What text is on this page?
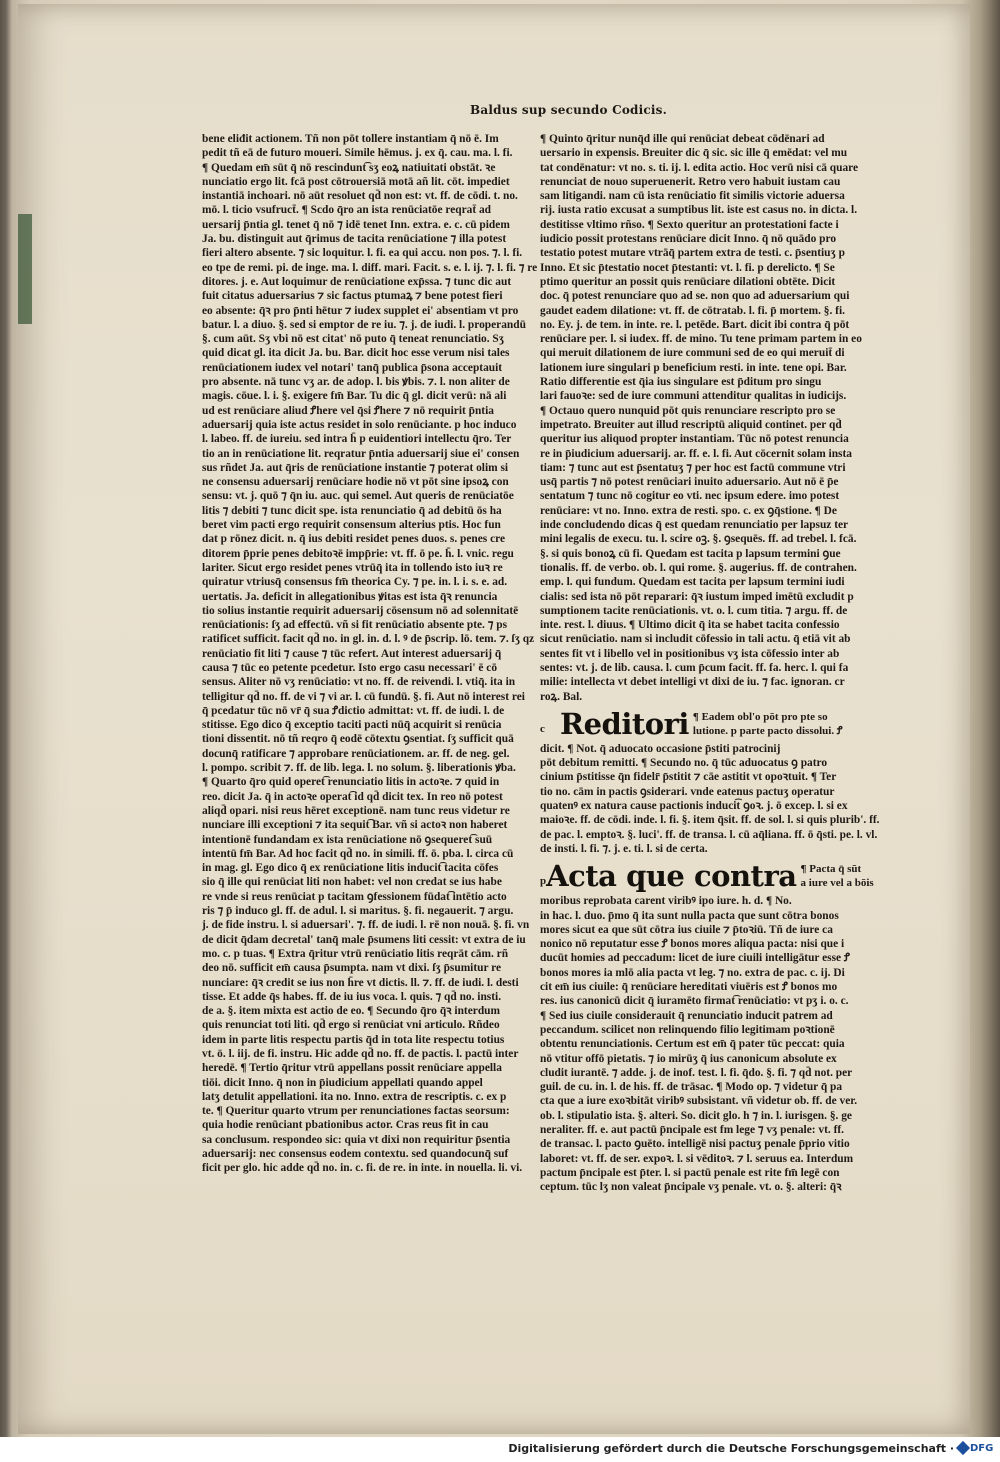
Baldus sup secundo Codicis.
bene eliđit actionem. Tñ non pōt tollere instantiam q̄ nō ē. Im
pedit tñ eā de futuro moueri. Simile hēmus. j. ex q̄. cau. ma. l. fi.
¶ Quedam em̄ sūt q̄ nō rescindunt͡ sʒ eoꝝ natiuitati obstāt. ꝛe
nunciatio ergo lit. fcā post cōtrouersiā motā añ lit. cōt. impediet
instantiā inchoari. nō aūt resoluet qd̄ non est: vt. ff. de cōdi. t. no.
mō. l. ticio vsufruct̄. ¶ Scdo q̄ro an ista renūciatōe reqrat̄ ad
uersarij p̄ntia gl. tenet q̄ nō ⁊ idē tenet Inn. extra. e. c. cū pidem
Ja. bu. distinguit aut q̄rimus de tacita renūciatione ⁊ illa potest
fieri altero absente. ⁊ sic loquitur. l. fi. ea qui accu. non pos. ⁊. l. fi.
eo tpe de remi. pi. de inge. ma. l. diff. mari. Facit. s. e. l. ij. ⁊. l. fi. ⁊ re
ditores. j. e. Aut loquimur de renūciatione exp̄ssa. ⁊ tunc dic aut
fuit citatus aduersarius ⁊ sic factus ptumaꝝ ⁊ bene potest fieri
eo absente: q̄ꝛ pro p̄nti hētur ⁊ iudex supplet ei' absentiam vt pro
batur. l. a diuo. §. sed si emptor de re iu. ⁊. j. de iudi. l. properandū
§. cum aūt. Sʒ vbi nō est citat' nō puto q̄ teneat renunciatio. Sʒ
quid dicat gl. ita dicit Ja. bu. Bar. dicit hoc esse verum nisi tales
renūciationem iudex vel notari' tanq̄ publica p̄sona acceptauit
pro absente. nā tunc vʒ ar. de adop. l. bis ꝟbis. ⁊. l. non aliter de
magis. cōue. l. i. §. exigere fm̄ Bar. Tu dic q̄ gl. dicit verū: nā ali
ud est renūciare aliud Ꝭhere vel q̄si Ꝭhere ⁊ nō requirit p̄ntia
aduersarij quia iste actus residet in solo renūciante. p hoc induco
l. labeo. ff. de iureiu. sed intra h̄ p euidentiori intellectu q̄ro. Ter
tio an in renūciatione lit. reqratur p̄ntia aduersarij siue ei' consen
sus rñdet Ja. aut q̄ris de renūciatione instantie ⁊ poterat olim si
ne consensu aduersarij renūciare hodie nō vt pōt sine ipsoꝝ con
sensu: vt. j. quō ⁊ q̄n iu. auc. qui semel. Aut queris de renūciatōe
litis ⁊ debiti ⁊ tunc dicit spe. ista renunciatio q̄ ad debitū ōs ha
beret vim pacti ergo requirit consensum alterius ptis. Hoc fun
dat p rōnez dicit. n. q̄ ius debiti residet penes duos. s. penes cre
ditorem p̄prie penes debitoꝛē impp̄rie: vt. ff. ō pe. h̄. l. vnic. regu
lariter. Sicut ergo residet penes vtrūq̄ ita in tollendo isto iuꝛ re
quiratur vtriusq̄ consensus fm̄ theorica Cy. ⁊ pe. in. l. i. s. e. ad.
uertatis. Ja. deficit in allegationibus ꝟitas est ista q̄ꝛ renuncia
tio solius instantie requirit aduersarij cōsensum nō ad solennitatē
renūciationis: ſʒ ad effectū. vñ si fit renūciatio absente pte. ⁊ ps
ratificet sufficit. facit qd̄ no. in gl. in. d. l. ꝰ de p̄scrip. lō. tem. ⁊. ſʒ qz
renūciatio fit liti ⁊ cause ⁊ tūc refert. Aut interest aduersarij q̄
causa ⁊ tūc eo petente pcedetur. Isto ergo casu necessari' ē cō
sensus. Aliter nō vʒ renūciatio: vt no. ff. de reivendi. l. vtiq̄. ita in
telligitur qd̄ no. ff. de vi ⁊ vi ar. l. cū fundū. §. fi. Aut nō interest rei
q̄ pcedatur tūc nō vr̄ q̄ sua Ꝭdictio admittat: vt. ff. de iudi. l. de
stitisse. Ego dico q̄ exceptio taciti pacti nūq̄ acquirit si renūcia
tioni dissentit. nō tñ reqro q̄ eodē cōtextu ꝯsentiat. ſʒ sufficit quā
docunq̄ ratificare ⁊ approbare renūciationem. ar. ff. de neg. gel.
l. pompo. scribit ⁊. ff. de lib. lega. l. no solum. §. liberationis ꝟba.
¶ Quarto q̄ro quid operet͡ renunciatio litis in actoꝛe. ⁊ quid in
reo. dicit Ja. q̄ in actoꝛe operat͡ id qd̄ dicit tex. In reo nō potest
aliqd̄ opari. nisi reus hēret exceptionē. nam tunc reus videtur re
nunciare illi exceptioni ⁊ ita sequit͡ Bar. vñ si actoꝛ non haberet
intentionē fundandam ex ista renūciatione nō ꝯsequeret͡ suū
intentū fm̄ Bar. Ad hoc facit qd̄ no. in simili. ff. ō. pba. l. circa cū
in mag. gl. Ego dico q̄ ex renūciatione litis inducit͡ tacita cōfes
sio q̄ ille qui renūciat liti non habet: vel non credat se ius habe
re vnde si reus renūciat p tacitam ꝯfessionem fūdat͡ intētio acto
ris ⁊ p̄ induco gl. ff. de adul. l. si maritus. §. fi. negauerit. ⁊ argu.
j. de fide instru. l. si aduersari'. ⁊. ff. de iudi. l. rē non nouā. §. fi. vn
de dicit q̄dam decretal' tanq̄ male p̄sumens liti cessit: vt extra de iu
mo. c. p tuas. ¶ Extra q̄ritur vtrū renūciatio litis reqrāt cām. rñ
deo nō. sufficit em̄ causa p̄sumpta. nam vt dixi. ſʒ p̄sumitur re
nunciare: q̄ꝛ credit se ius non h̄re vt dictis. ll. ⁊. ff. de iudi. l. desti
tisse. Et adde q̄s habes. ff. de iu ius voca. l. quis. ⁊ qd̄ no. insti.
de a. §. item mixta est actio de eo. ¶ Secundo q̄ro q̄ꝛ interdum
quis renunciat toti liti. qd̄ ergo si renūciat vni articulo. Rñdeo
idem in parte litis respectu partis q̄d in tota lite respectu totius
vt. ö. l. iij. de fi. instru. Hic adde qd̄ no. ff. de pactis. l. pactū inter
heredē. ¶ Tertio q̄ritur vtrū appellans possit renūciare appella
tiōi. dicit Inno. q̄ non in p̄iudicium appellati quando appel
latʒ detulit appellationi. ita no. Inno. extra de rescriptis. c. ex p
te. ¶ Queritur quarto vtrum per renunciationes factas seorsum:
quia hodie renūciant pbationibus actor. Cras reus fit in cau
sa conclusum. respondeo sic: quia vt dixi non requiritur p̄sentia
aduersarij: nec consensus eodem contextu. sed quandocunq̄ suf
ficit per glo. hic adde qd̄ no. in. c. fi. de re. in inte. in nouella. li. vi.
¶ Quinto q̄ritur nunq̄d ille qui renūciat debeat cōdēnari ad
uersario in expensis. Breuiter dic q̄ sic. sic ille q̄ emēdat: vel mu
tat condēnatur: vt no. s. ti. ij. l. edita actio. Hoc verū nisi cā quare
renunciat de nouo superuenerit. Retro vero habuit iustam cau
sam litigandi. nam cū ista renūciatio fit similis victorie aduersa
rij. iusta ratio excusat a sumptibus lit. iste est casus no. in dicta. l.
destitisse vltimo rñso. ¶ Sexto queritur an protestationi facte i
iudicio possit protestans renūciare dicit Inno. q̄ nō quādo pro
testatio potest mutare vtrāq̄ partem extra de testi. c. p̄sentiuʒ p
Inno. Et sic p̄testatio nocet p̄testanti: vt. l. fi. p derelicto. ¶ Se
ptimo queritur an possit quis renūciare dilationi obtēte. Dicit
doc. q̄ potest renunciare quo ad se. non quo ad aduersarium qui
gaudet eadem dilatione: vt. ff. de cōtratab. l. fi. p̄ mortem. §. fi.
no. Ey. j. de tem. in inte. re. l. petēde. Bart. dicit ibi contra q̄ pōt
renūciare per. l. si iudex. ff. de mino. Tu tene primam partem in eo
qui meruit dilationem de iure communi sed de eo qui meruit̄ di
lationem iure singulari p beneficium resti. in inte. tene opi. Bar.
Ratio differentie est q̄ia ius singulare est p̄ditum pro singu
lari fauoꝛe: sed de iure communi attenditur qualitas in iudicijs.
¶ Octauo quero nunquid pōt quis renunciare rescripto pro se
impetrato. Breuiter aut illud rescriptū aliquid continet. per qd̄
queritur ius aliquod propter instantiam. Tūc nō potest renuncia
re in p̄iudicium aduersarij. ar. ff. e. l. fi. Aut cōcernit solam insta
tiam: ⁊ tunc aut est p̄sentatuʒ ⁊ per hoc est factū commune vtri
usq̄ partis ⁊ nō potest renūciari inuito aduersario. Aut nō ē p̄e
sentatum ⁊ tunc nō cogitur eo vti. nec ipsum edere. imo potest
renūciare: vt no. Inno. extra de resti. spo. c. ex ꝯq̄stione. ¶ De
inde concludendo dicas q̄ est quedam renunciatio per lapsuz ter
mini legalis de execu. tu. l. scire oꝫ. §. ꝯsequēs. ff. ad trebel. l. fcā.
§. si quis bonoꝝ cū fi. Quedam est tacita p lapsum termini ꝯue
tionalis. ff. de verbo. ob. l. qui rome. §. augerius. ff. de contrahen.
emp. l. qui fundum. Quedam est tacita per lapsum termini iudi
cialis: sed ista nō pōt reparari: q̄ꝛ iustum imped imētū excludit p
sumptionem tacite renūciationis. vt. o. l. cum titia. ⁊ argu. ff. de
inte. rest. l. diuus. ¶ Ultimo dicit q̄ ita se habet tacita confessio
sicut renūciatio. nam si includit cōfessio in tali actu. q̄ etiā vit ab
sentes fit vt i libello vel in positionibus vʒ ista cōfessio inter ab
sentes: vt. j. de lib. causa. l. cum p̄cum facit. ff. fa. herc. l. qui fa
milie: intellecta vt debet intelligi vt dixi de iu. ⁊ fac. ignoran. cr
roꝝ. Bal.
c Reditori ¶ Eadem obl'o pōt pro pte so
lutione. p parte pacto dissolui. Ꝭ
dicit. ¶ Not. q̄ aduocato occasione p̄stiti patrocinij
pōt debitum remitti. ¶ Secundo no. q̄ tūc aduocatus ꝯ patro
cinium p̄stitisse q̄n fidelr̄ p̄stitit ⁊ cāe astitit vt opoꝛtuit. ¶ Ter
tio no. cām in pactis ꝯsiderari. vnde eatenus pactuʒ operatur
quatenꝰ ex natura cause pactionis induci͡t ꝯoꝛ. j. ō excep. l. si ex
maioꝛe. ff. de cōdi. inde. l. fi. §. item q̄sit. ff. de sol. l. si quis plurib'. ff.
de pac. l. emptoꝛ. §. luci'. ff. de transa. l. cū aq̄liana. ff. ō q̄sti. pe. l. vl.
de insti. l. fi. ⁊. j. e. ti. l. si de certa.
p Acta que contra ¶ Pacta q̄ sūt
a iure vel a bōis
moribus reprobata carent viribꝰ ipo iure. h. d. ¶ No.
in hac. l. duo. p̄mo q̄ ita sunt nulla pacta que sunt cōtra bonos
mores sicut ea que sūt cōtra ius ciuile ⁊ p̄toꝛiū. Tñ de iure ca
nonico nō reputatur esse Ꝭ bonos mores aliqua pacta: nisi que i
ducūt homies ad peccadum: licet de iure ciuili intelligātur esse Ꝭ
bonos mores ia mlō alia pacta vt leg. ⁊ no. extra de pac. c. ij. Di
cit em̄ ius ciuile: q̄ renūciare hereditati viuēris est Ꝭ bonos mo
res. ius canonicū dicit q̄ iuramēto firmat͡ renūciatio: vt pʒ i. o. c.
¶ Sed ius ciuile considerauit q̄ renunciatio inducit patrem ad
peccandum. scilicet non relinquendo filio legitimam poꝛtionē
obtentu renunciationis. Certum est em̄ q̄ pater tūc peccat: quia
nō vtitur offō pietatis. ⁊ io mirūʒ q̄ ius canonicum absolute ex
cludit iurantē. ⁊ adde. j. de inof. test. l. fi. q̄do. §. fi. ⁊ qd̄ not. per
guil. de cu. in. l. de his. ff. de trāsac. ¶ Modo op. ⁊ videtur q̄ pa
cta que a iure exoꝛbitāt viribꝰ subsistant. vñ videtur ob. ff. de ver.
ob. l. stipulatio ista. §. alteri. So. dicit glo. h ⁊ in. l. iurisgen. §. ge
neraliter. ff. e. aut pactū p̄ncipale est fm lege ⁊ vʒ penale: vt. ff.
de transac. l. pacto ꝯuēto. intelligē nisi pactuʒ penale p̄prio vitio
laboret: vt. ff. de ser. expoꝛ. l. si vēditoꝛ. ⁊ l. seruus ea. Interdum
pactum p̄ncipale est p̄ter. l. si pactū penale est rite fm̄ legē con
ceptum. tūc lʒ non valeat p̄ncipale vʒ penale. vt. o. §. alteri: q̄ꝛ
Digitalisierung gefördert durch die Deutsche Forschungsgemeinschaft · DFG
